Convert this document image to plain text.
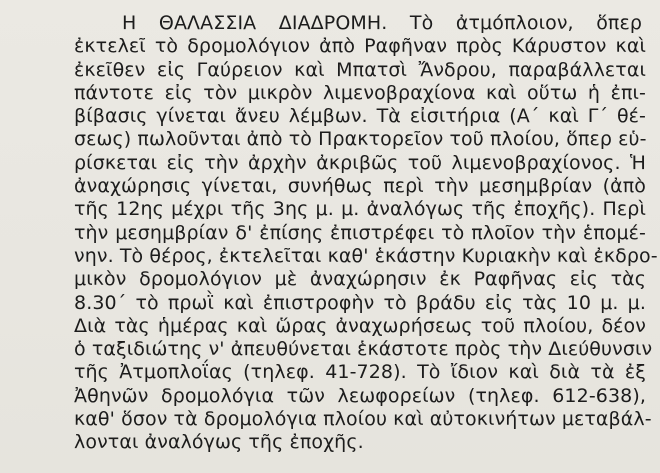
Η ΘΑΛΑΣΣΙΑ ΔΙΑΔΡΟΜΗ. Τὸ ἀτμόπλοιον, ὅπερ
ἐκτελεῖ τὸ δρομολόγιον ἀπὸ Ραφῆναν πρὸς Κάρυστον καὶ
ἐκεῖθεν εἰς Γαύρειον καὶ Μπατσὶ Ἄνδρου, παραβάλλεται
πάντοτε εἰς τὸν μικρὸν λιμενοβραχίονα καὶ οὕτω ἡ ἐπι-
βίβασις γίνεται ἄνευ λέμβων. Τὰ εἰσιτήρια (Α΄ καὶ Γ΄ θέ-
σεως) πωλοῦνται ἀπὸ τὸ Πρακτορεῖον τοῦ πλοίου, ὅπερ εὑ-
ρίσκεται εἰς τὴν ἀρχὴν ἀκριβῶς τοῦ λιμενοβραχίονος. Ἡ
ἀναχώρησις γίνεται, συνήθως περὶ τὴν μεσημβρίαν (ἀπὸ
τῆς 12ης μέχρι τῆς 3ης μ. μ. ἀναλόγως τῆς ἐποχῆς). Περὶ
τὴν μεσημβρίαν δ' ἐπίσης ἐπιστρέφει τὸ πλοῖον τὴν ἑπομέ-
νην. Τὸ θέρος, ἐκτελεῖται καθ' ἑκάστην Κυριακὴν καὶ ἐκδρο-
μικὸν δρομολόγιον μὲ ἀναχώρησιν ἐκ Ραφῆνας εἰς τὰς
8.30΄ τὸ πρωῒ καὶ ἐπιστροφὴν τὸ βράδυ εἰς τὰς 10 μ. μ.
Διὰ τὰς ἡμέρας καὶ ὥρας ἀναχωρήσεως τοῦ πλοίου, δέον
ὁ ταξιδιώτης ν' ἀπευθύνεται ἑκάστοτε πρὸς τὴν Διεύθυνσιν
τῆς Ἀτμοπλοΐας (τηλεφ. 41-728). Τὸ ἴδιον καὶ διὰ τὰ ἐξ
Ἀθηνῶν δρομολόγια τῶν λεωφορείων (τηλεφ. 612-638),
καθ' ὅσον τὰ δρομολόγια πλοίου καὶ αὐτοκινήτων μεταβάλ-
λονται ἀναλόγως τῆς ἐποχῆς.
